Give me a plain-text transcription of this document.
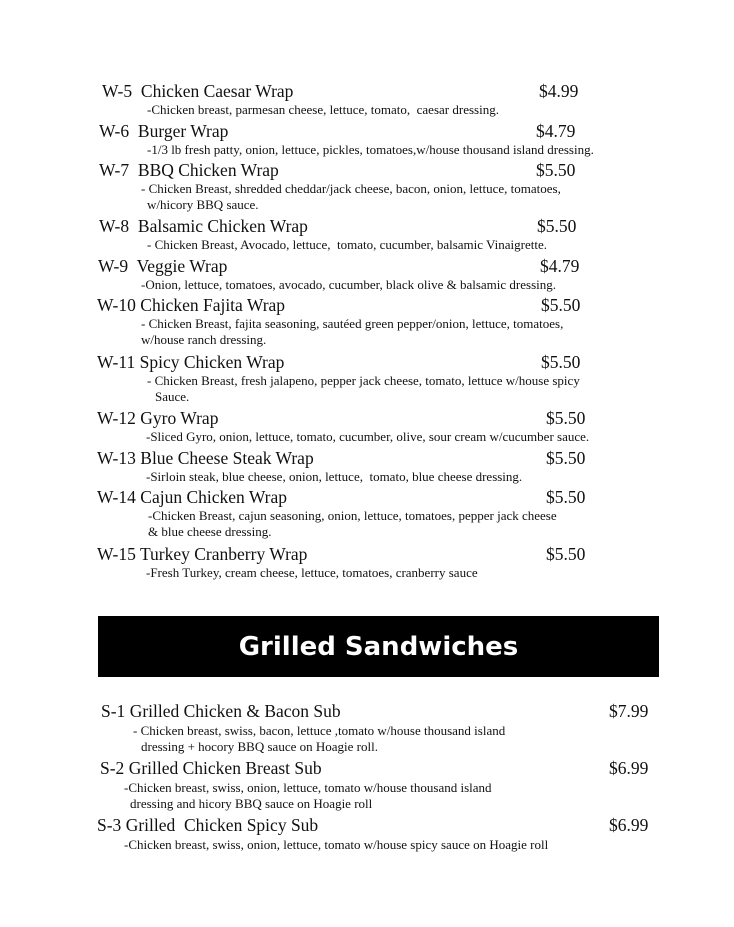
W-5 Chicken Caesar Wrap	$4.99
-Chicken breast, parmesan cheese, lettuce, tomato,  caesar dressing.
W-6 Burger Wrap	$4.79
-1/3 lb fresh patty, onion, lettuce, pickles, tomatoes,w/house thousand island dressing.
W-7 BBQ Chicken Wrap	$5.50
- Chicken Breast, shredded cheddar/jack cheese, bacon, onion, lettuce, tomatoes,
w/hicory BBQ sauce.
W-8 Balsamic Chicken Wrap	$5.50
- Chicken Breast, Avocado, lettuce,  tomato, cucumber, balsamic Vinaigrette.
W-9 Veggie Wrap	$4.79
-Onion, lettuce, tomatoes, avocado, cucumber, black olive & balsamic dressing.
W-10 Chicken Fajita Wrap	$5.50
- Chicken Breast, fajita seasoning, sautéed green pepper/onion, lettuce, tomatoes,
w/house ranch dressing.
W-11 Spicy Chicken Wrap	$5.50
- Chicken Breast, fresh jalapeno, pepper jack cheese, tomato, lettuce w/house spicy
Sauce.
W-12 Gyro Wrap	$5.50
-Sliced Gyro, onion, lettuce, tomato, cucumber, olive, sour cream w/cucumber sauce.
W-13 Blue Cheese Steak Wrap	$5.50
-Sirloin steak, blue cheese, onion, lettuce,  tomato, blue cheese dressing.
W-14 Cajun Chicken Wrap	$5.50
-Chicken Breast, cajun seasoning, onion, lettuce, tomatoes, pepper jack cheese
& blue cheese dressing.
W-15 Turkey Cranberry Wrap	$5.50
-Fresh Turkey, cream cheese, lettuce, tomatoes, cranberry sauce
Grilled Sandwiches
S-1 Grilled Chicken & Bacon Sub	$7.99
- Chicken breast, swiss, bacon, lettuce ,tomato w/house thousand island
dressing + hocory BBQ sauce on Hoagie roll.
S-2 Grilled Chicken Breast Sub	$6.99
-Chicken breast, swiss, onion, lettuce, tomato w/house thousand island
dressing and hicory BBQ sauce on Hoagie roll
S-3 Grilled  Chicken Spicy Sub	$6.99
-Chicken breast, swiss, onion, lettuce, tomato w/house spicy sauce on Hoagie roll
